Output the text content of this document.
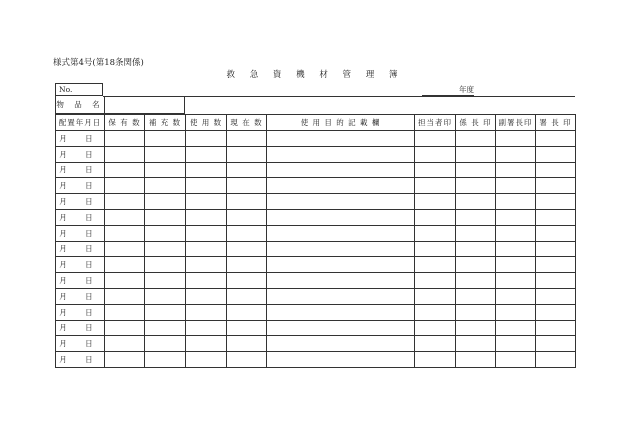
様式第4号(第18条関係)
救 急 資 機 材 管 理 簿
No.	年度
物 品 名
配置年月日	保 有 数	補 充 数	使 用 数	現 在 数	使 用 目 的 記 載 欄	担当者印	係 長 印	副署長印	署 長 印
月 日									
月 日									
月 日									
月 日									
月 日									
月 日									
月 日									
月 日									
月 日									
月 日									
月 日									
月 日									
月 日									
月 日									
月 日									
